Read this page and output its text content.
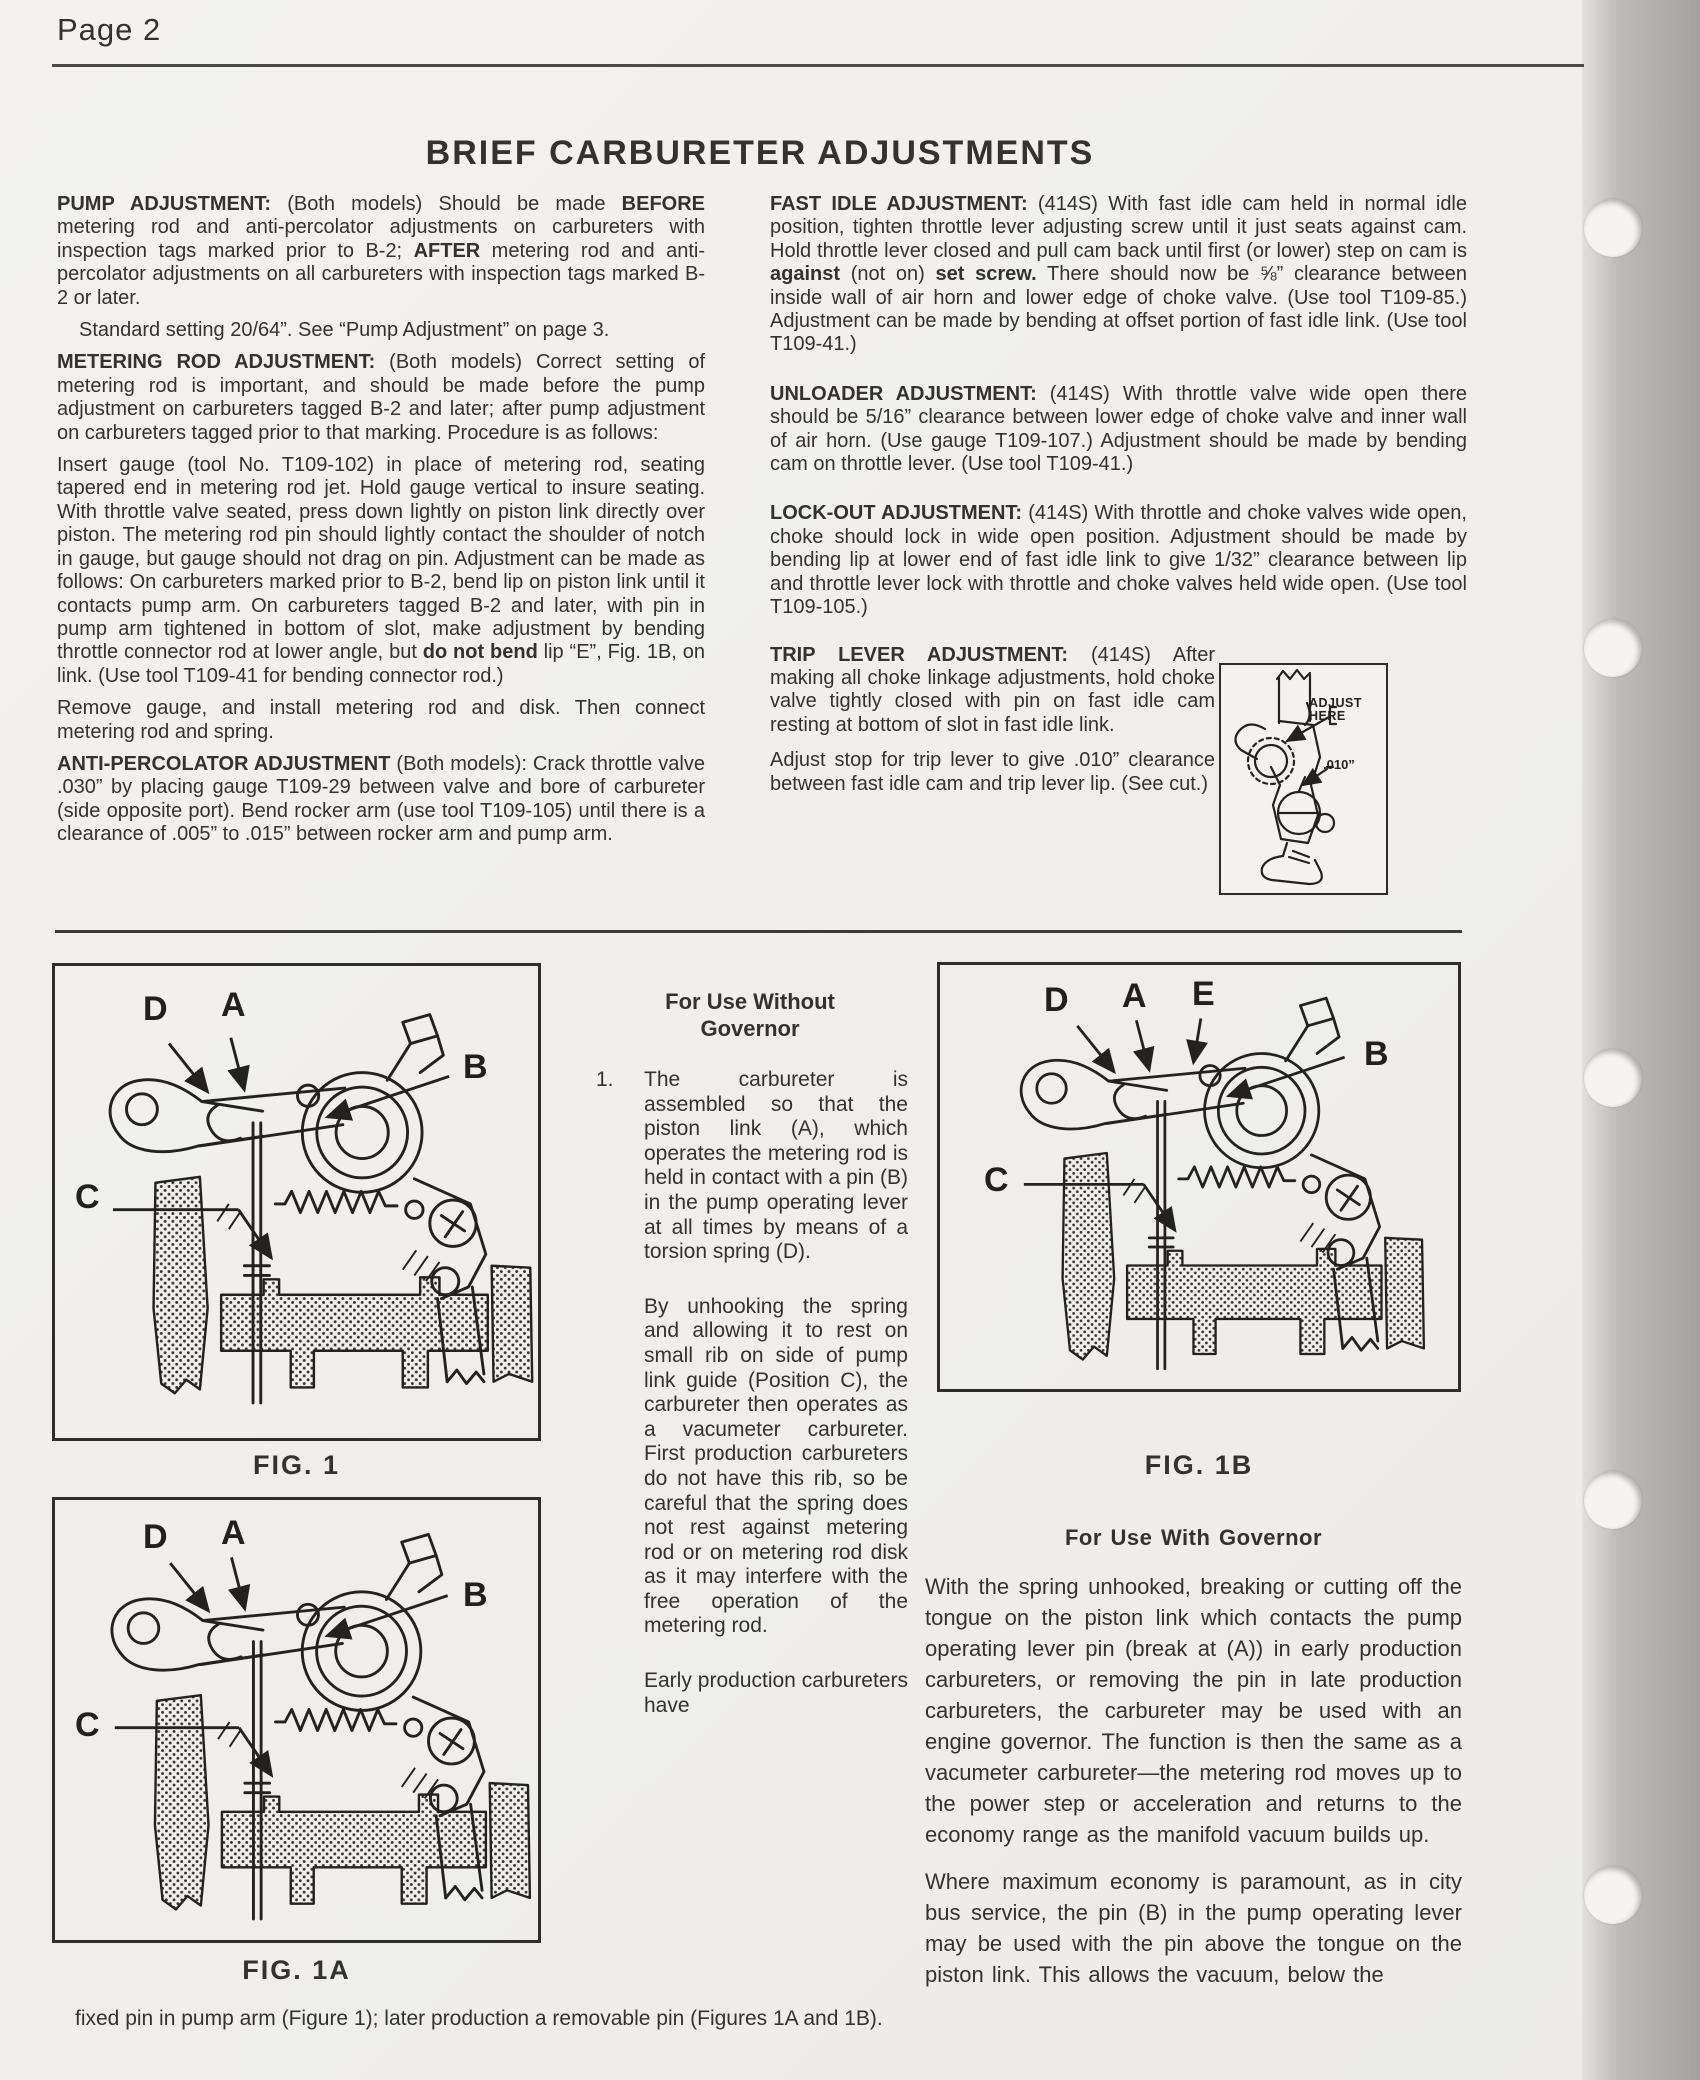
Page 2
BRIEF CARBURETER ADJUSTMENTS

PUMP ADJUSTMENT: (Both models) Should be made BEFORE metering rod and anti-percolator adjustments on carbureters with inspection tags marked prior to B-2; AFTER metering rod and anti-percolator adjustments on all carbureters with inspection tags marked B-2 or later.

Standard setting 20/64”. See “Pump Adjustment” on page 3.

METERING ROD ADJUSTMENT: (Both models) Correct setting of metering rod is important, and should be made before the pump adjustment on carbureters tagged B-2 and later; after pump adjustment on carbureters tagged prior to that marking. Procedure is as follows:

Insert gauge (tool No. T109-102) in place of metering rod, seating tapered end in metering rod jet. Hold gauge vertical to insure seating. With throttle valve seated, press down lightly on piston link directly over piston. The metering rod pin should lightly contact the shoulder of notch in gauge, but gauge should not drag on pin. Adjustment can be made as follows: On carbureters marked prior to B-2, bend lip on piston link until it contacts pump arm. On carbureters tagged B-2 and later, with pin in pump arm tightened in bottom of slot, make adjustment by bending throttle connector rod at lower angle, but do not bend lip “E”, Fig. 1B, on link. (Use tool T109-41 for bending connector rod.)

Remove gauge, and install metering rod and disk. Then connect metering rod and spring.

ANTI-PERCOLATOR ADJUSTMENT (Both models): Crack throttle valve .030” by placing gauge T109-29 between valve and bore of carbureter (side opposite port). Bend rocker arm (use tool T109-105) until there is a clearance of .005” to .015” between rocker arm and pump arm.

FAST IDLE ADJUSTMENT: (414S) With fast idle cam held in normal idle position, tighten throttle lever adjusting screw until it just seats against cam. Hold throttle lever closed and pull cam back until first (or lower) step on cam is against (not on) set screw. There should now be ⅝” clearance between inside wall of air horn and lower edge of choke valve. (Use tool T109-85.) Adjustment can be made by bending at offset portion of fast idle link. (Use tool T109-41.)

UNLOADER ADJUSTMENT: (414S) With throttle valve wide open there should be 5/16” clearance between lower edge of choke valve and inner wall of air horn. (Use gauge T109-107.) Adjustment should be made by bending cam on throttle lever. (Use tool T109-41.)

LOCK-OUT ADJUSTMENT: (414S) With throttle and choke valves wide open, choke should lock in wide open position. Adjustment should be made by bending lip at lower end of fast idle link to give 1/32” clearance between lip and throttle lever lock with throttle and choke valves held wide open. (Use tool T109-105.)

TRIP LEVER ADJUSTMENT: (414S) After making all choke linkage adjustments, hold choke valve tightly closed with pin on fast idle cam resting at bottom of slot in fast idle link.

Adjust stop for trip lever to give .010” clearance between fast idle cam and trip lever lip. (See cut.)

ADJUST
HERE
.010”
D A
B
C
FIG. 1
D A
B
C
FIG. 1A
D A E
B
C
FIG. 1B

For Use Without
Governor

1. The carbureter is assembled so that the piston link (A), which operates the metering rod is held in contact with a pin (B) in the pump operating lever at all times by means of a torsion spring (D).

By unhooking the spring and allowing it to rest on small rib on side of pump link guide (Position C), the carbureter then operates as a vacumeter carbureter. First production carbureters do not have this rib, so be careful that the spring does not rest against metering rod or on metering rod disk as it may interfere with the free operation of the metering rod.

Early production carbureters have

For Use With Governor

With the spring unhooked, breaking or cutting off the tongue on the piston link which contacts the pump operating lever pin (break at (A)) in early production carbureters, or removing the pin in late production carbureters, the carbureter may be used with an engine governor. The function is then the same as a vacumeter carbureter—the metering rod moves up to the power step or acceleration and returns to the economy range as the manifold vacuum builds up.

Where maximum economy is paramount, as in city bus service, the pin (B) in the pump operating lever may be used with the pin above the tongue on the piston link. This allows the vacuum, below the

fixed pin in pump arm (Figure 1); later production a removable pin (Figures 1A and 1B).
